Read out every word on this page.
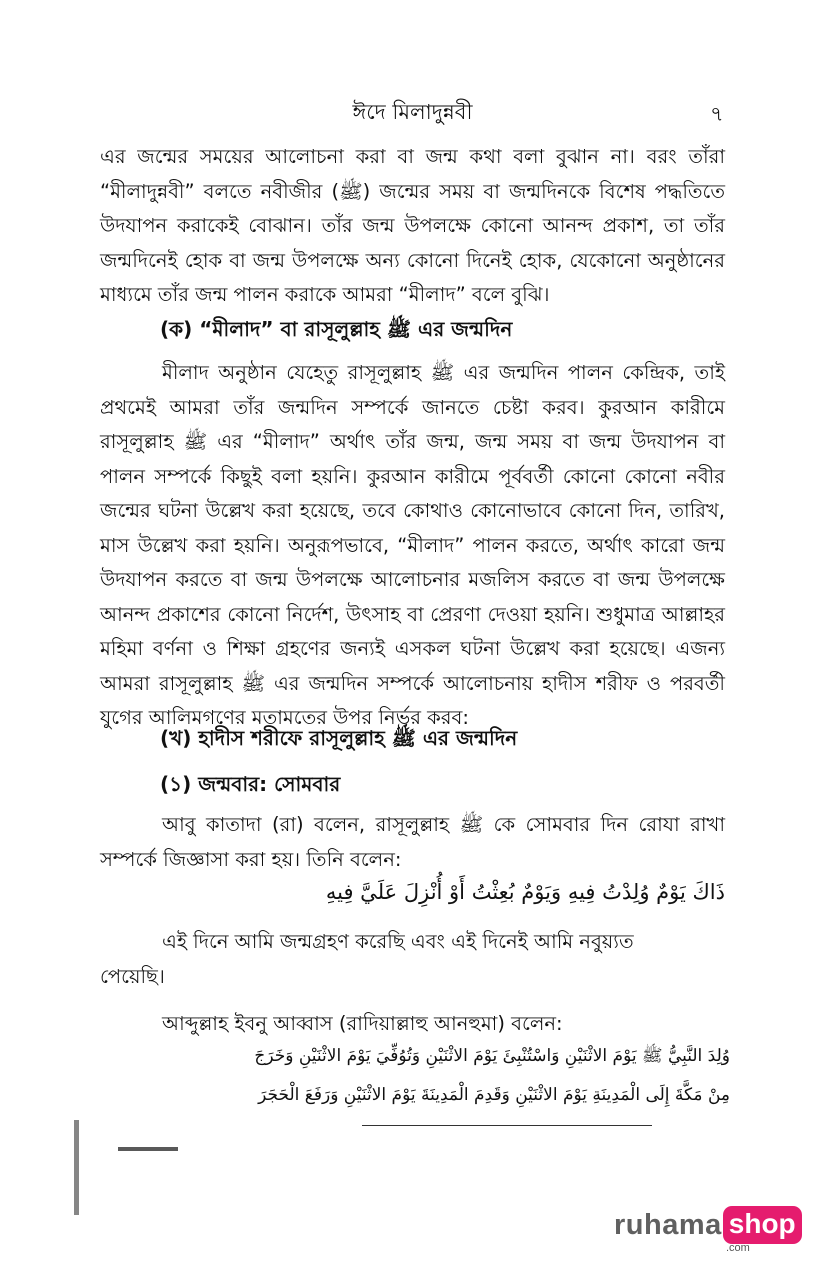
ঈদে মিলাদুন্নবী	৭

এর জন্মের সময়ের আলোচনা করা বা জন্ম কথা বলা বুঝান না। বরং তাঁরা “মীলাদুন্নবী” বলতে নবীজীর (ﷺ) জন্মের সময় বা জন্মদিনকে বিশেষ পদ্ধতিতে উদযাপন করাকেই বোঝান। তাঁর জন্ম উপলক্ষে কোনো আনন্দ প্রকাশ, তা তাঁর জন্মদিনেই হোক বা জন্ম উপলক্ষে অন্য কোনো দিনেই হোক, যেকোনো অনুষ্ঠানের মাধ্যমে তাঁর জন্ম পালন করাকে আমরা “মীলাদ” বলে বুঝি।

(ক) “মীলাদ” বা রাসূলুল্লাহ ﷺ এর জন্মদিন

মীলাদ অনুষ্ঠান যেহেতু রাসূলুল্লাহ ﷺ এর জন্মদিন পালন কেন্দ্রিক, তাই প্রথমেই আমরা তাঁর জন্মদিন সম্পর্কে জানতে চেষ্টা করব। কুরআন কারীমে রাসূলুল্লাহ ﷺ এর “মীলাদ” অর্থাৎ তাঁর জন্ম, জন্ম সময় বা জন্ম উদযাপন বা পালন সম্পর্কে কিছুই বলা হয়নি। কুরআন কারীমে পূর্ববর্তী কোনো কোনো নবীর জন্মের ঘটনা উল্লেখ করা হয়েছে, তবে কোথাও কোনোভাবে কোনো দিন, তারিখ, মাস উল্লেখ করা হয়নি। অনুরূপভাবে, “মীলাদ” পালন করতে, অর্থাৎ কারো জন্ম উদযাপন করতে বা জন্ম উপলক্ষে আলোচনার মজলিস করতে বা জন্ম উপলক্ষে আনন্দ প্রকাশের কোনো নির্দেশ, উৎসাহ বা প্রেরণা দেওয়া হয়নি। শুধুমাত্র আল্লাহর মহিমা বর্ণনা ও শিক্ষা গ্রহণের জন্যই এসকল ঘটনা উল্লেখ করা হয়েছে। এজন্য আমরা রাসূলুল্লাহ ﷺ এর জন্মদিন সম্পর্কে আলোচনায় হাদীস শরীফ ও পরবর্তী যুগের আলিমগণের মতামতের উপর নির্ভর করব:

(খ) হাদীস শরীফে রাসূলুল্লাহ ﷺ এর জন্মদিন
(১) জন্মবার: সোমবার

আবু কাতাদা (রা) বলেন, রাসূলুল্লাহ ﷺ কে সোমবার দিন রোযা রাখা সম্পর্কে জিজ্ঞাসা করা হয়। তিনি বলেন:

ذَاكَ يَوْمٌ وُلِدْتُ فِيهِ وَيَوْمٌ بُعِثْتُ أَوْ أُنْزِلَ عَلَيَّ فِيهِ

এই দিনে আমি জন্মগ্রহণ করেছি এবং এই দিনেই আমি নবুয়্যত

পেয়েছি।

আব্দুল্লাহ ইবনু আব্বাস (রাদিয়াল্লাহু আনহুমা) বলেন:

وُلِدَ النَّبِيُّ ﷺ يَوْمَ الاثْنَيْنِ وَاسْتُنْبِئَ يَوْمَ الاثْنَيْنِ وَتُوُفِّيَ يَوْمَ الاثْنَيْنِ وَخَرَجَ
مِنْ مَكَّةَ إِلَى الْمَدِينَةِ يَوْمَ الاثْنَيْنِ وَقَدِمَ الْمَدِينَةَ يَوْمَ الاثْنَيْنِ وَرَفَعَ الْحَجَرَ
ruhama shop
.com
